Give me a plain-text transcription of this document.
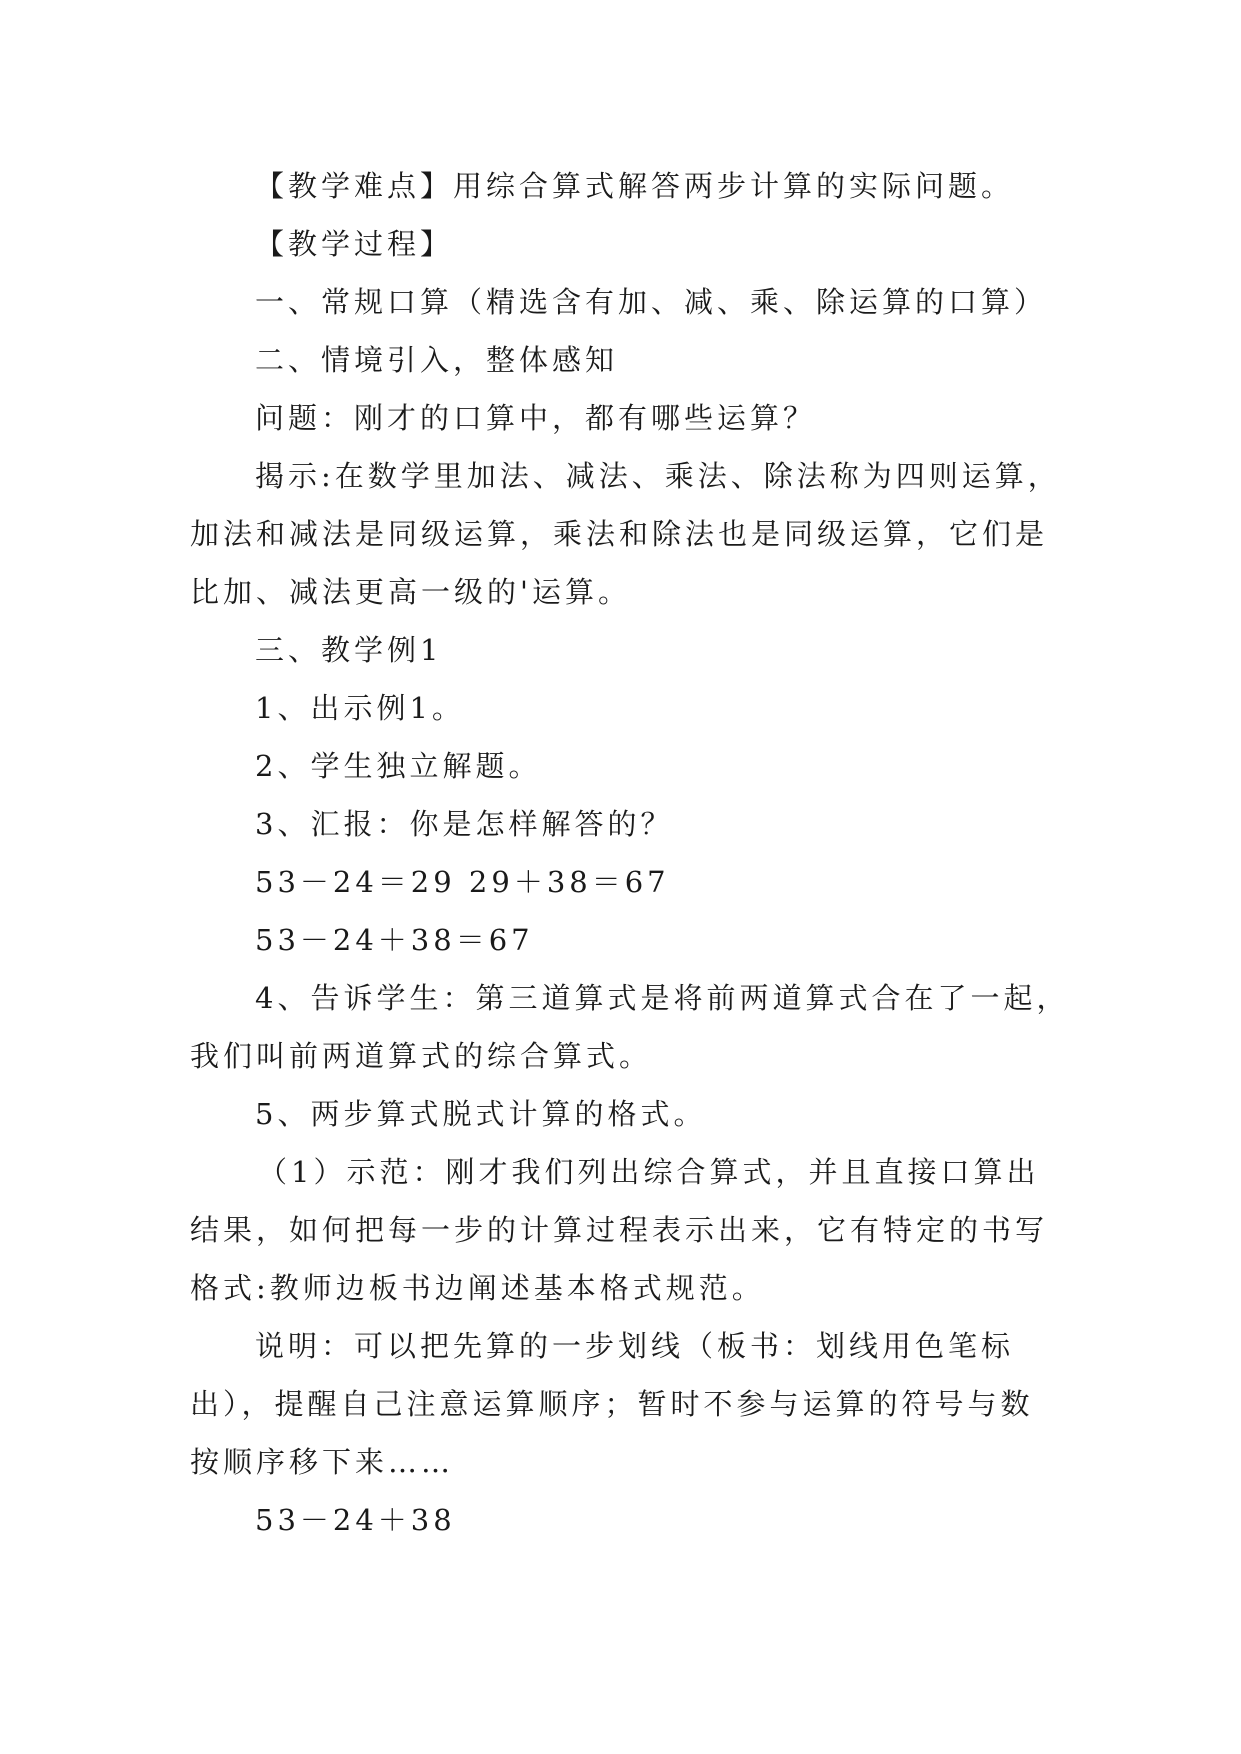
【教学难点】用综合算式解答两步计算的实际问题。
【教学过程】
一、常规口算（精选含有加、减、乘、除运算的口算）
二、情境引入，整体感知
问题：刚才的口算中，都有哪些运算？
揭示:在数学里加法、减法、乘法、除法称为四则运算，
加法和减法是同级运算，乘法和除法也是同级运算，它们是
比加、减法更高一级的'运算。
三、教学例1
1、出示例1。
2、学生独立解题。
3、汇报：你是怎样解答的？
53－24＝29 29＋38＝67
53－24＋38＝67
4、告诉学生：第三道算式是将前两道算式合在了一起，
我们叫前两道算式的综合算式。
5、两步算式脱式计算的格式。
（1）示范：刚才我们列出综合算式，并且直接口算出
结果，如何把每一步的计算过程表示出来，它有特定的书写
格式:教师边板书边阐述基本格式规范。
说明：可以把先算的一步划线（板书：划线用色笔标
出），提醒自己注意运算顺序；暂时不参与运算的符号与数
按顺序移下来……
53－24＋38
